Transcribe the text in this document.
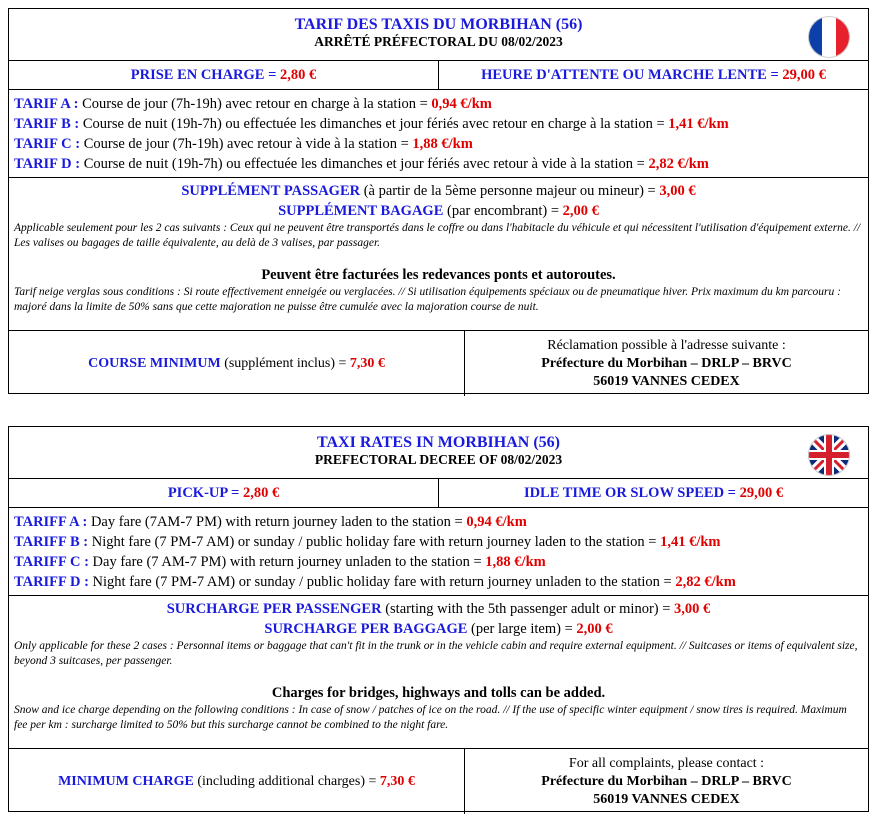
TARIF DES TAXIS DU MORBIHAN (56)
ARRÊTÉ PRÉFECTORAL DU 08/02/2023
PRISE EN CHARGE =
2,80 €	HEURE D'ATTENTE OU MARCHE LENTE =
29,00 €
TARIF A : Course de jour (7h-19h) avec retour en charge à la station = 0,94 €/km
TARIF B : Course de nuit (19h-7h) ou effectuée les dimanches et jour fériés avec retour en charge à la station = 1,41 €/km
TARIF C : Course de jour (7h-19h) avec retour à vide à la station = 1,88 €/km
TARIF D : Course de nuit (19h-7h) ou effectuée les dimanches et jour fériés avec retour à vide à la station = 2,82 €/km
SUPPLÉMENT PASSAGER (à partir de la 5ème personne majeur ou mineur) = 3,00 €
SUPPLÉMENT BAGAGE (par encombrant) = 2,00 €
Applicable seulement pour les 2 cas suivants : Ceux qui ne peuvent être transportés dans le coffre ou dans l'habitacle du véhicule et qui nécessitent l'utilisation d'équipement externe. // Les valises ou bagages de taille équivalente, au delà de 3 valises, par passager.
Peuvent être facturées les redevances ponts et autoroutes.
Tarif neige verglas sous conditions : Si route effectivement enneigée ou verglacées. // Si utilisation équipements spéciaux ou de pneumatique hiver. Prix maximum du km parcouru : majoré dans la limite de 50% sans que cette majoration ne puisse être cumulée avec la majoration course de nuit.
COURSE MINIMUM (supplément inclus) = 7,30 €
Réclamation possible à l'adresse suivante :
Préfecture du Morbihan – DRLP – BRVC
56019 VANNES CEDEX
TAXI RATES IN MORBIHAN (56)
PREFECTORAL DECREE OF 08/02/2023
PICK-UP =
2,80 €	IDLE TIME OR SLOW SPEED =
29,00 €
TARIFF A : Day fare (7AM-7 PM) with return journey laden to the station = 0,94 €/km
TARIFF B : Night fare (7 PM-7 AM) or sunday / public holiday fare with return journey laden to the station = 1,41 €/km
TARIFF C : Day fare (7 AM-7 PM) with return journey unladen to the station = 1,88 €/km
TARIFF D : Night fare (7 PM-7 AM) or sunday / public holiday fare with return journey unladen to the station = 2,82 €/km
SURCHARGE PER PASSENGER (starting with the 5th passenger adult or minor) = 3,00 €
SURCHARGE PER BAGGAGE (per large item) = 2,00 €
Only applicable for these 2 cases : Personnal items or baggage that can't fit in the trunk or in the vehicle cabin and require external equipment. // Suitcases or items of equivalent size, beyond 3 suitcases, per passenger.
Charges for bridges, highways and tolls can be added.
Snow and ice charge depending on the following conditions : In case of snow / patches of ice on the road. // If the use of specific winter equipment / snow tires is required. Maximum fee per km : surcharge limited to 50% but this surcharge cannot be combined to the night fare.
MINIMUM CHARGE (including additional charges) = 7,30 €
For all complaints, please contact :
Préfecture du Morbihan – DRLP – BRVC
56019 VANNES CEDEX
